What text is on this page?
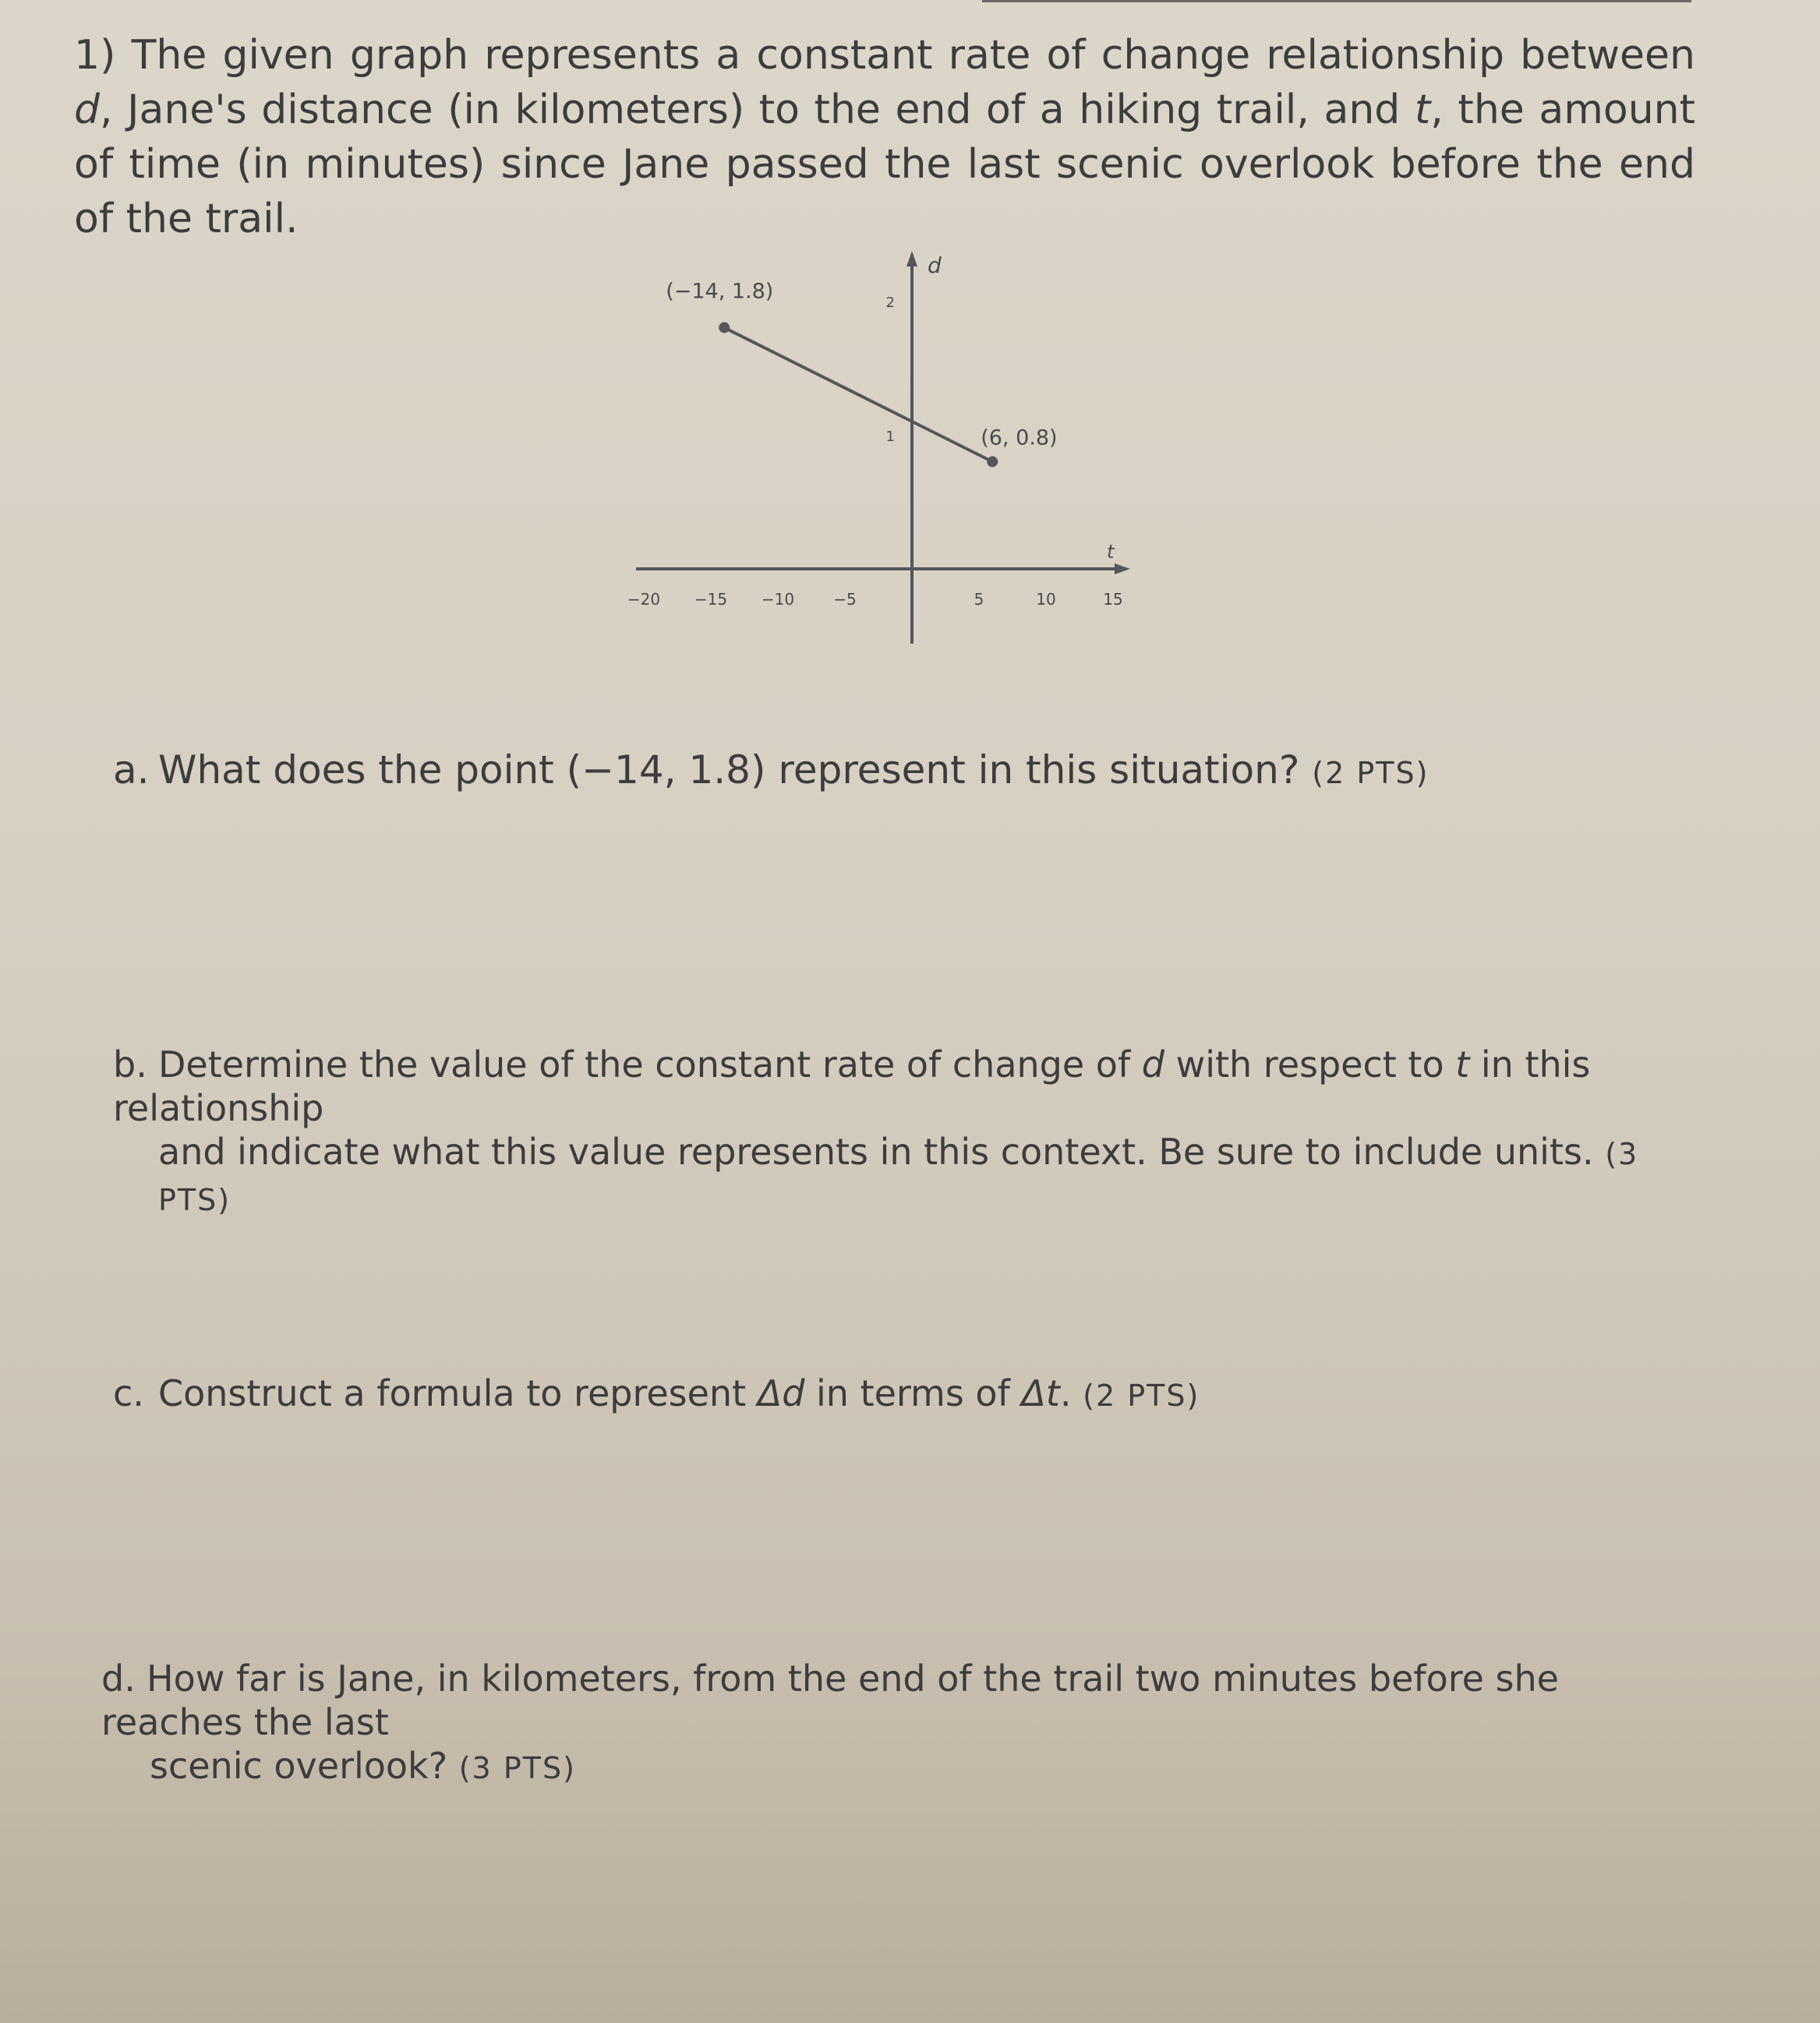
1) The given graph represents a constant rate of change relationship between d, Jane's distance (in kilometers) to the end of a hiking trail, and t, the amount of time (in minutes) since Jane passed the last scenic overlook before the end of the trail.
−20 −15 −10	−5	5	10	15
1
2
t
d
(−14, 1.8)
(6, 0.8)
a. What does the point (−14, 1.8) represent in this situation? (2 PTS)
b. Determine the value of the constant rate of change of d with respect to t in this relationship
and indicate what this value represents in this context. Be sure to include units. (3 PTS)
c. Construct a formula to represent Δd in terms of Δt. (2 PTS)
d. How far is Jane, in kilometers, from the end of the trail two minutes before she reaches the last
scenic overlook? (3 PTS)
